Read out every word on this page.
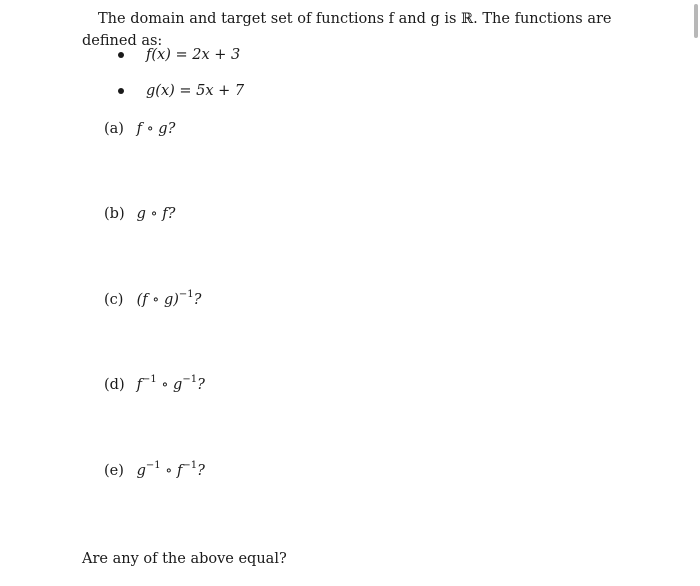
The domain and target set of functions f and g is ℝ. The functions are defined as:
f(x) = 2x + 3
g(x) = 5x + 7
(a) f ∘ g?
(b) g ∘ f?
(c) (f ∘ g)$^{-1}$?
(d) $f^{-1}$ ∘ $g^{-1}$?
(e) $g^{-1}$ ∘ $f^{-1}$?
Are any of the above equal?
